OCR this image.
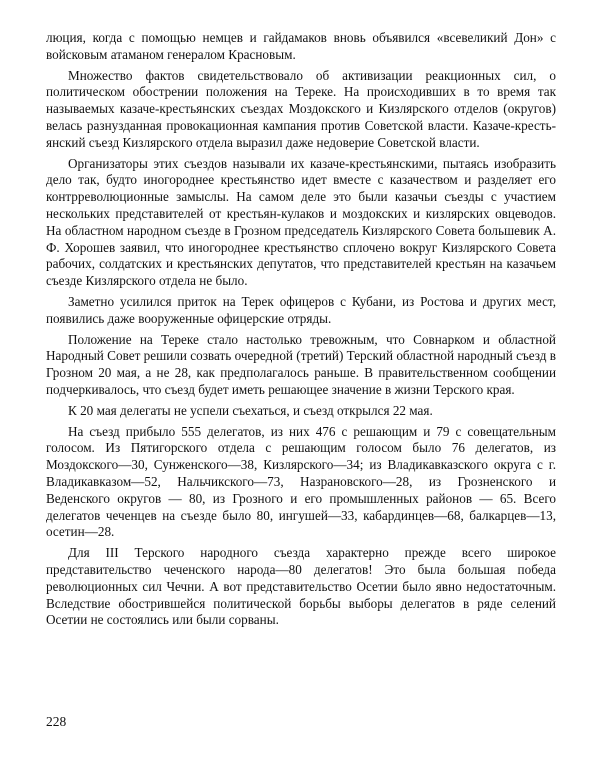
люция, когда с помощью немцев и гайдамаков вновь объявился «всевеликий Дон» с войсковым атаманом генералом Красновым.

Множество фактов свидетельствовало об активизации реакционных сил, о политическом обострении положения на Тереке. На происходивших в то время так называемых казаче-крестьянских съездах Моздокского и Кизлярского отделов (округов) велась разнузданная провокационная кампания против Советской власти. Казаче-крестьянский съезд Кизлярского отдела выразил даже недоверие Советской власти.

Организаторы этих съездов называли их казаче-крестьянскими, пытаясь изобразить дело так, будто иногороднее крестьянство идет вместе с казачеством и разделяет его контрреволюционные замыслы. На самом деле это были казачьи съезды с участием нескольких представителей от крестьян-кулаков и моздокских и кизлярских овцеводов. На областном народном съезде в Грозном председатель Кизлярского Совета большевик А. Ф. Хорошев заявил, что иногороднее крестьянство сплочено вокруг Кизлярского Совета рабочих, солдатских и крестьянских депутатов, что представителей крестьян на казачьем съезде Кизлярского отдела не было.

Заметно усилился приток на Терек офицеров с Кубани, из Ростова и других мест, появились даже вооруженные офицерские отряды.

Положение на Тереке стало настолько тревожным, что Совнарком и областной Народный Совет решили созвать очередной (третий) Терский областной народный съезд в Грозном 20 мая, а не 28, как предполагалось раньше. В правительственном сообщении подчеркивалось, что съезд будет иметь решающее значение в жизни Терского края.

К 20 мая делегаты не успели съехаться, и съезд открылся 22 мая.

На съезд прибыло 555 делегатов, из них 476 с решающим и 79 с совещательным голосом. Из Пятигорского отдела с решающим голосом было 76 делегатов, из Моздокского—30, Сунженского—38, Кизлярского—34; из Владикавказского округа с г. Владикавказом—52, Нальчикского—73, Назрановского—28, из Грозненского и Веденского округов — 80, из Грозного и его промышленных районов — 65. Всего делегатов чеченцев на съезде было 80, ингушей—33, кабардинцев—68, балкарцев—13, осетин—28.

Для III Терского народного съезда характерно прежде всего широкое представительство чеченского народа—80 делегатов! Это была большая победа революционных сил Чечни. А вот представительство Осетии было явно недостаточным. Вследствие обострившейся политической борьбы выборы делегатов в ряде селений Осетии не состоялись или были сорваны.

228
